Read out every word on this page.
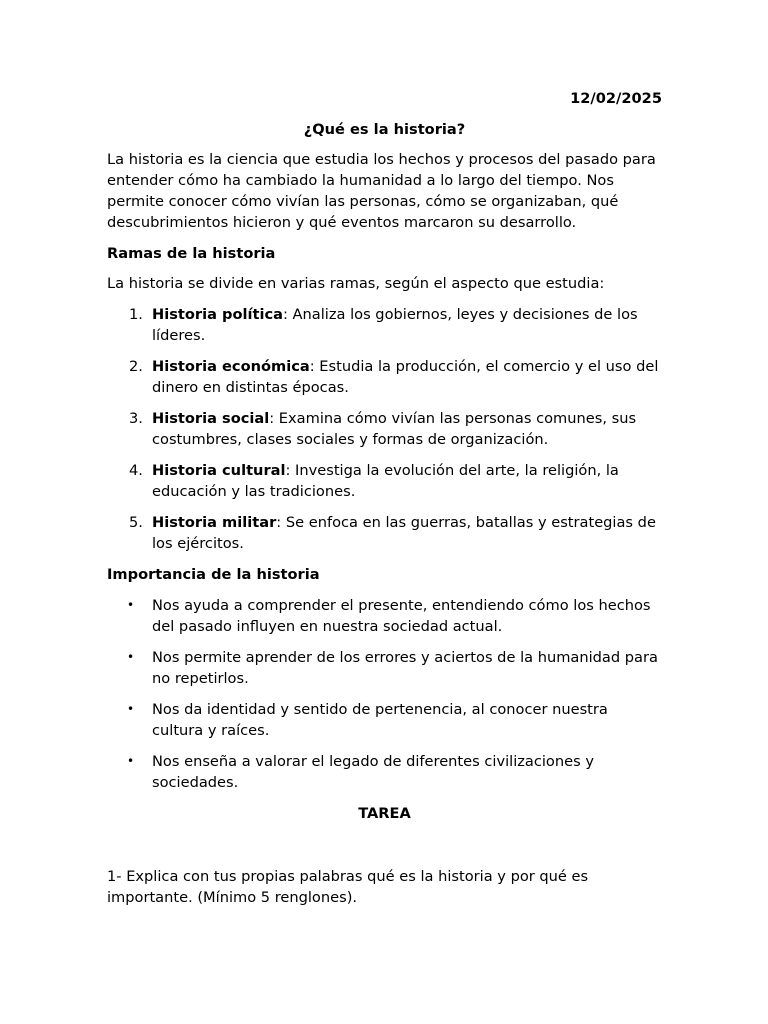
12/02/2025

¿Qué es la historia?

La historia es la ciencia que estudia los hechos y procesos del pasado para entender cómo ha cambiado la humanidad a lo largo del tiempo. Nos permite conocer cómo vivían las personas, cómo se organizaban, qué descubrimientos hicieron y qué eventos marcaron su desarrollo.

Ramas de la historia

La historia se divide en varias ramas, según el aspecto que estudia:

1. Historia política: Analiza los gobiernos, leyes y decisiones de los líderes.
2. Historia económica: Estudia la producción, el comercio y el uso del dinero en distintas épocas.
3. Historia social: Examina cómo vivían las personas comunes, sus costumbres, clases sociales y formas de organización.
4. Historia cultural: Investiga la evolución del arte, la religión, la educación y las tradiciones.
5. Historia militar: Se enfoca en las guerras, batallas y estrategias de los ejércitos.

Importancia de la historia

• Nos ayuda a comprender el presente, entendiendo cómo los hechos del pasado influyen en nuestra sociedad actual.
• Nos permite aprender de los errores y aciertos de la humanidad para no repetirlos.
• Nos da identidad y sentido de pertenencia, al conocer nuestra cultura y raíces.
• Nos enseña a valorar el legado de diferentes civilizaciones y sociedades.

TAREA

1- Explica con tus propias palabras qué es la historia y por qué es importante. (Mínimo 5 renglones).
